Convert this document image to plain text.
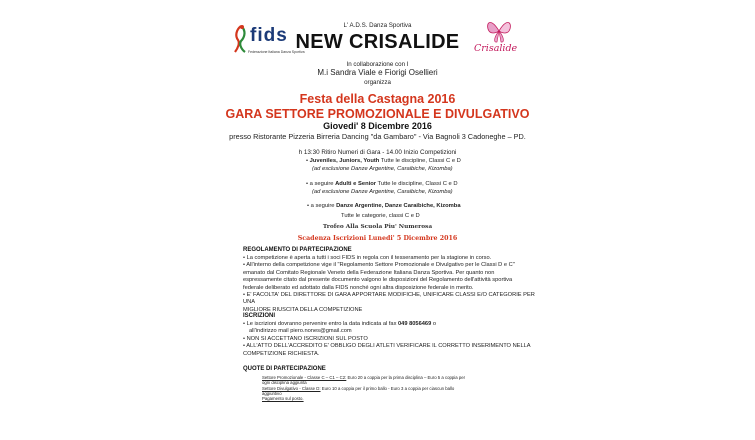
fids
Federazione Italiana Danza Sportiva	Crisalide
L' A.D.S. Danza Sportiva
NEW CRISALIDE
In collaborazione con I
M.i Sandra Viale e Fiorigi Osellieri
organizza
Festa della Castagna 2016
GARA SETTORE PROMOZIONALE E DIVULGATIVO
Giovedi' 8 Dicembre 2016
presso Ristorante Pizzeria Birreria Dancing "da Gambaro" - Via Bagnoli 3 Cadoneghe – PD.
h 13:30 Ritiro Numeri di Gara - 14.00 Inizio Competizioni
• Juveniles, Juniors, Youth Tutte le discipline, Classi C e D
(ad esclusione Danze Argentine, Caraibiche, Kizomba)
• a seguire Adulti e Senior Tutte le discipline, Classi C e D
(ad esclusione Danze Argentine, Caraibiche, Kizomba)
• a seguire Danze Argentine, Danze Caraibiche, Kizomba
Tutte le categorie, classi C e D
Trofeo Alla Scuola Piu' Numerosa
Scadenza Iscrizioni Lunedi' 5 Dicembre 2016
REGOLAMENTO DI PARTECIPAZIONE
• La competizione è aperta a tutti i soci FIDS in regola con il tesseramento per la stagione in corso.
• All'interno della competizione vige il "Regolamento Settore Promozionale e Divulgativo per le Classi D e C"
emanato dal Comitato Regionale Veneto della Federazione Italiana Danza Sportiva. Per quanto non
espressamente citato dal presente documento valgono le disposizioni del Regolamento dell'attività sportiva
federale deliberato ed adottato dalla FIDS nonché ogni altra disposizione federale in merito.
• E' FACOLTA' DEL DIRETTORE DI GARA APPORTARE MODIFICHE, UNIFICARE CLASSI E/O CATEGORIE PER UNA
MIGLIORE RIUSCITA DELLA COMPETIZIONE
ISCRIZIONI
• Le iscrizioni dovranno pervenire entro la data indicata al fax 049 8056469 o
all'indirizzo mail piero.nones@gmail.com
• NON SI ACCETTANO ISCRIZIONI SUL POSTO
• ALL'ATTO DELL'ACCREDITO E' OBBLIGO DEGLI ATLETI VERIFICARE IL CORRETTO INSERIMENTO NELLA
COMPETIZIONE RICHIESTA.
QUOTE DI PARTECIPAZIONE
Settore Promozionale - Classe C – C1 – C2: Euro 20 a coppia per la prima disciplina – Euro 5 a coppia per
ogni disciplina aggiunta
Settore Divulgativo - Classe D: Euro 10 a coppia per il primo ballo - Euro 3 a coppia per ciascun ballo
aggiuntivo
Pagamento sul posto.
